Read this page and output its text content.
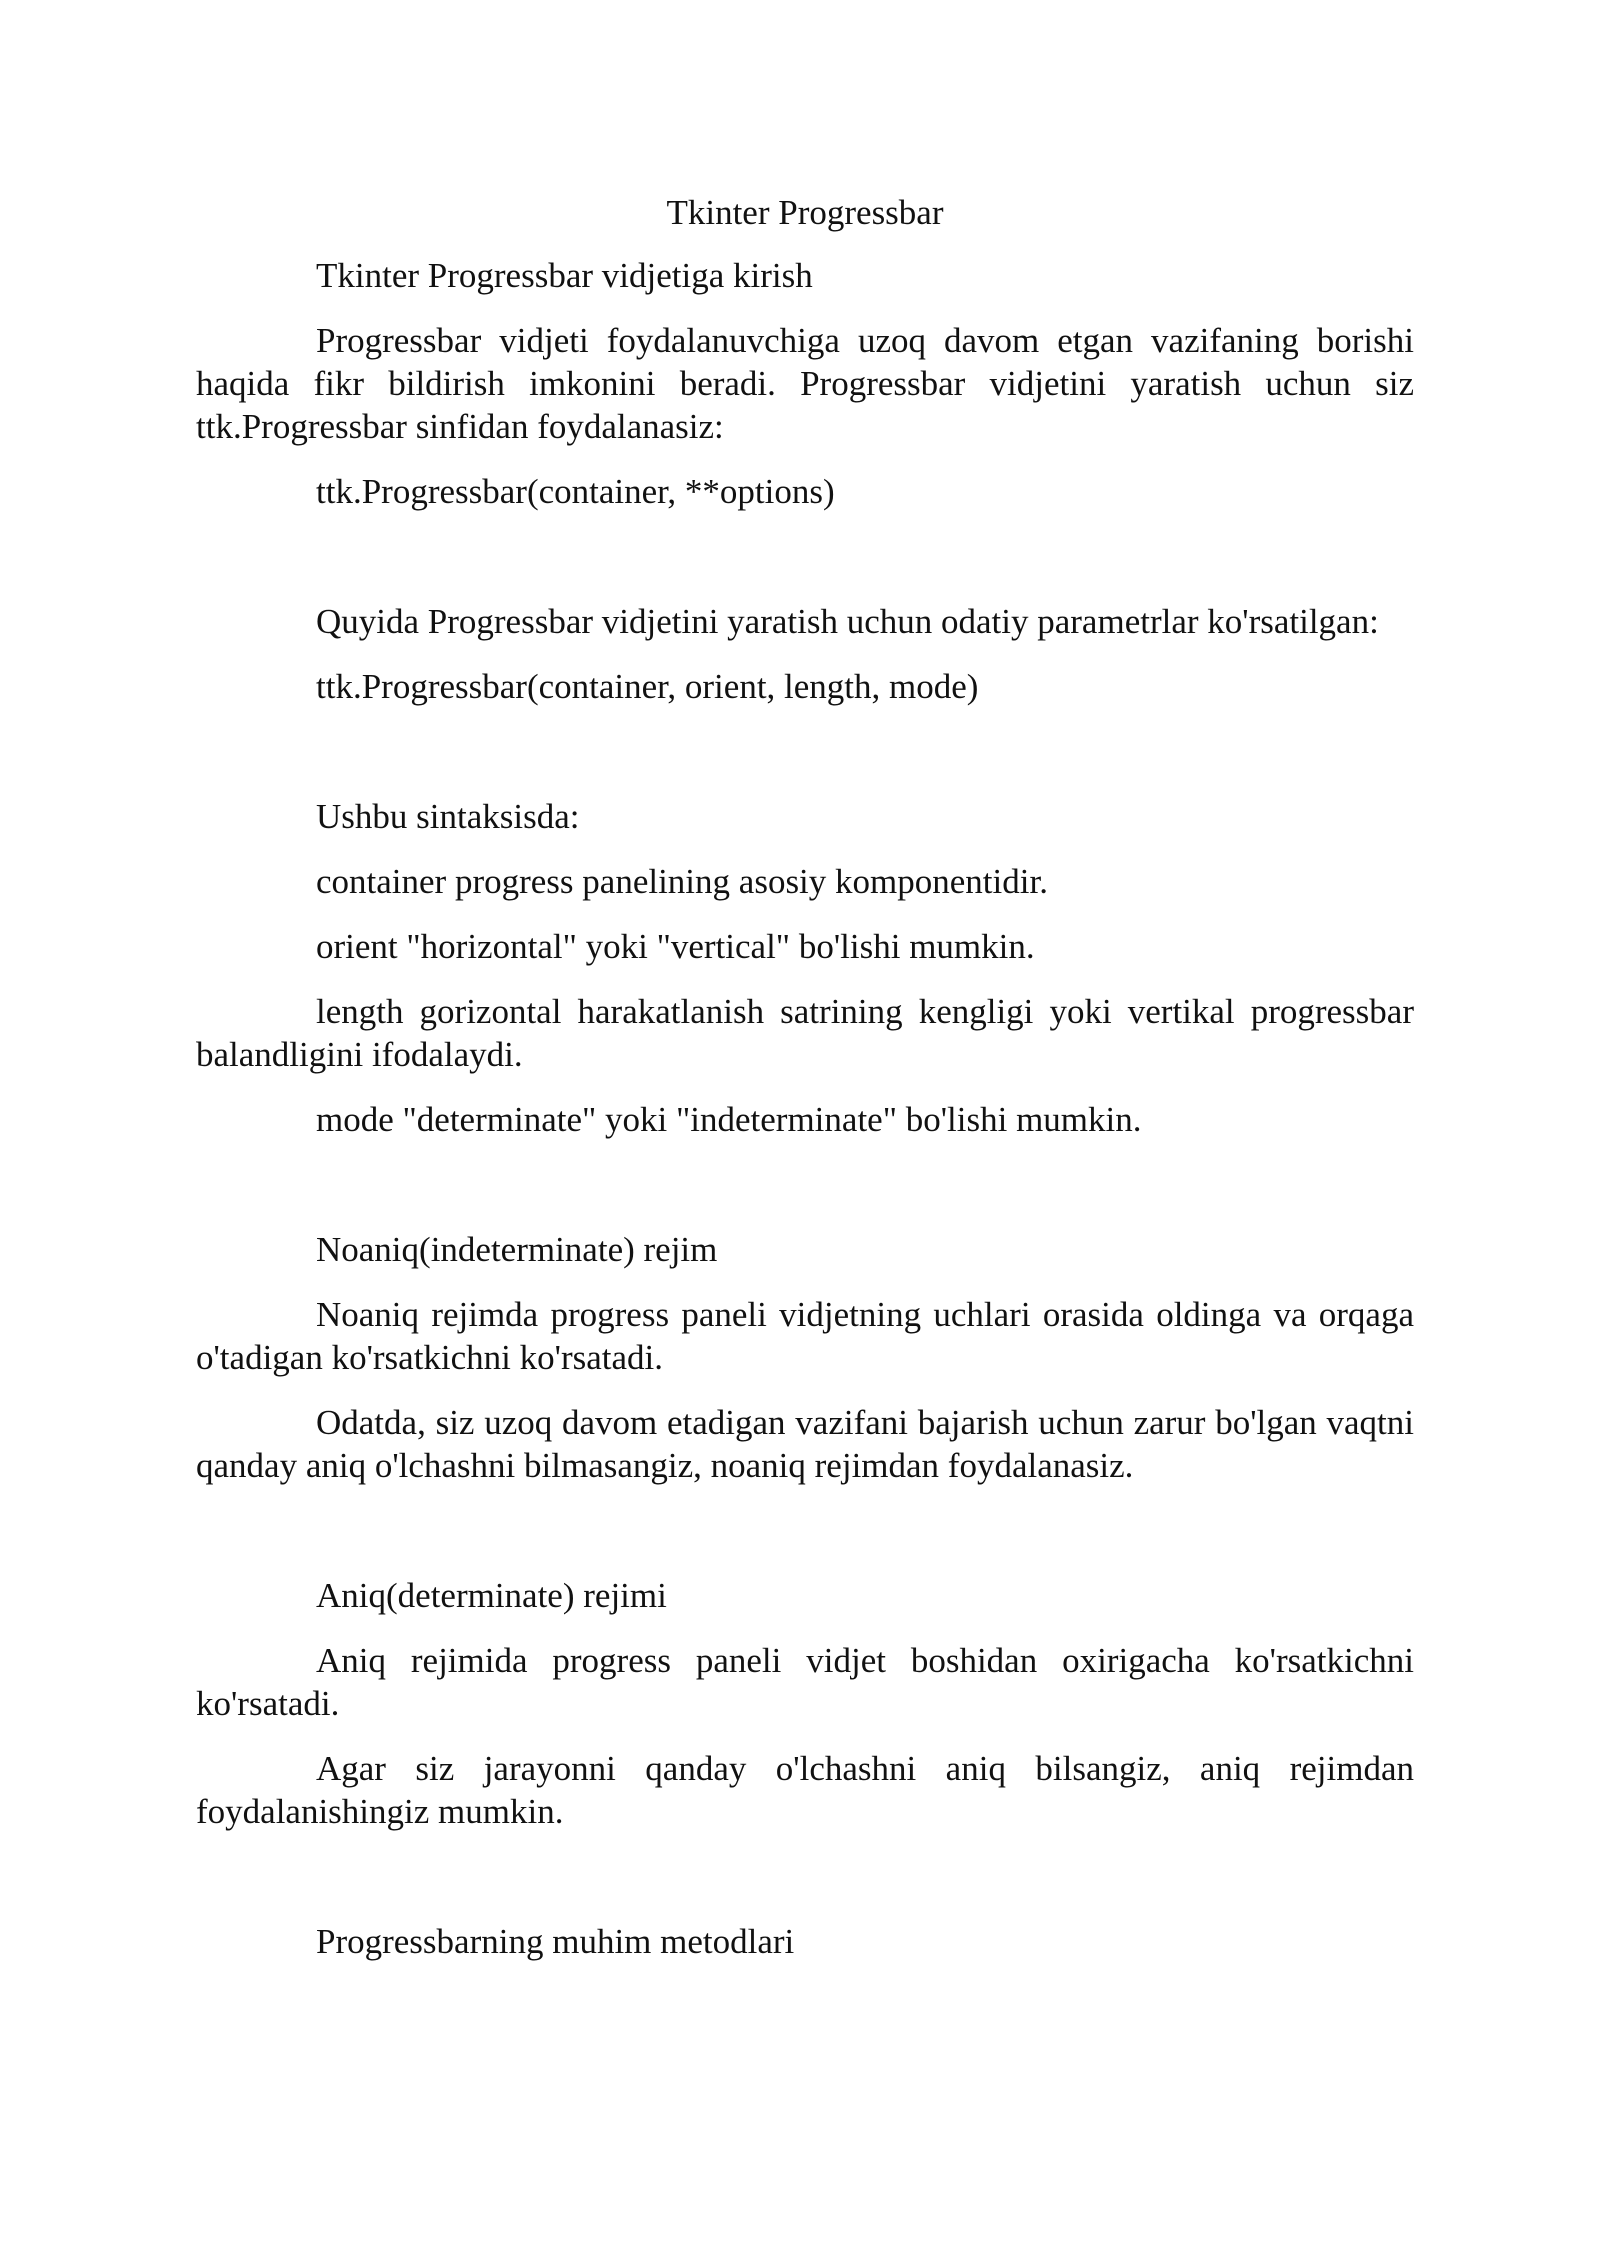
Tkinter Progressbar

Tkinter Progressbar vidjetiga kirish

Progressbar vidjeti foydalanuvchiga uzoq davom etgan vazifaning borishi haqida fikr bildirish imkonini beradi. Progressbar vidjetini yaratish uchun siz ttk.Progressbar sinfidan foydalanasiz:

ttk.Progressbar(container, **options)

Quyida Progressbar vidjetini yaratish uchun odatiy parametrlar ko'rsatilgan:

ttk.Progressbar(container, orient, length, mode)

Ushbu sintaksisda:

container progress panelining asosiy komponentidir.

orient "horizontal" yoki "vertical" bo'lishi mumkin.

length gorizontal harakatlanish satrining kengligi yoki vertikal progressbar balandligini ifodalaydi.

mode "determinate" yoki "indeterminate" bo'lishi mumkin.

Noaniq(indeterminate) rejim

Noaniq rejimda progress paneli vidjetning uchlari orasida oldinga va orqaga o'tadigan ko'rsatkichni ko'rsatadi.

Odatda, siz uzoq davom etadigan vazifani bajarish uchun zarur bo'lgan vaqtni qanday aniq o'lchashni bilmasangiz, noaniq rejimdan foydalanasiz.

Aniq(determinate) rejimi

Aniq rejimida progress paneli vidjet boshidan oxirigacha ko'rsatkichni ko'rsatadi.

Agar siz jarayonni qanday o'lchashni aniq bilsangiz, aniq rejimdan foydalanishingiz mumkin.

Progressbarning muhim metodlari
